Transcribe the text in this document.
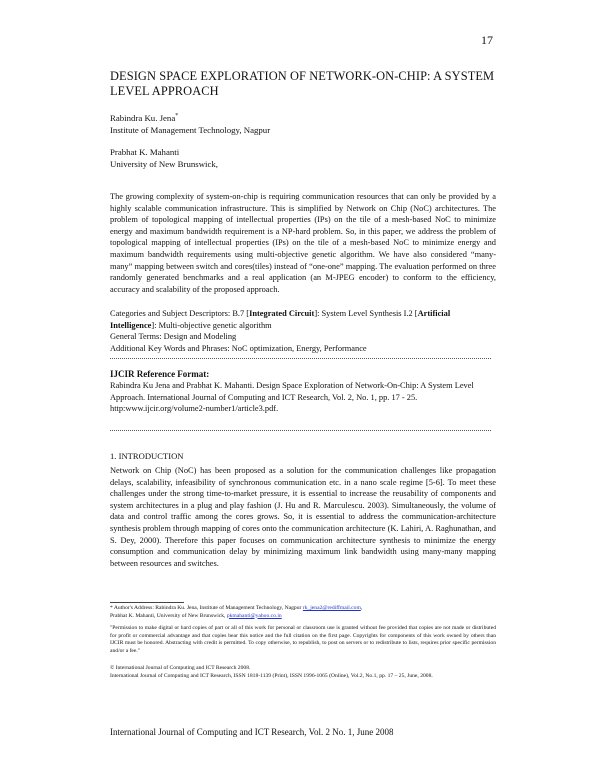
17
DESIGN SPACE EXPLORATION OF NETWORK-ON-CHIP: A SYSTEM LEVEL APPROACH
Rabindra Ku. Jena*
Institute of Management Technology, Nagpur
Prabhat K. Mahanti
University of New Brunswick,
The growing complexity of system-on-chip is requiring communication resources that can only be provided by a highly scalable communication infrastructure. This is simplified by Network on Chip (NoC) architectures. The problem of topological mapping of intellectual properties (IPs) on the tile of a mesh-based NoC to minimize energy and maximum bandwidth requirement is a NP-hard problem. So, in this paper, we address the problem of topological mapping of intellectual properties (IPs) on the tile of a mesh-based NoC to minimize energy and maximum bandwidth requirements using multi-objective genetic algorithm. We have also considered “many-many” mapping between switch and cores(tiles) instead of “one-one” mapping. The evaluation performed on three randomly generated benchmarks and a real application (an M-JPEG encoder) to conform to the efficiency, accuracy and scalability of the proposed approach.
Categories and Subject Descriptors: B.7 [Integrated Circuit]: System Level Synthesis I.2 [Artificial Intelligence]: Multi-objective genetic algorithm
General Terms: Design and Modeling
Additional Key Words and Phrases: NoC optimization, Energy, Performance
IJCIR Reference Format:
Rabindra Ku Jena and Prabhat K. Mahanti. Design Space Exploration of Network-On-Chip: A System Level Approach. International Journal of Computing and ICT Research, Vol. 2, No. 1, pp. 17 - 25. http:www.ijcir.org/volume2-number1/article3.pdf.
1. INTRODUCTION
Network on Chip (NoC) has been proposed as a solution for the communication challenges like propagation delays, scalability, infeasibility of synchronous communication etc. in a nano scale regime [5-6]. To meet these challenges under the strong time-to-market pressure, it is essential to increase the reusability of components and system architectures in a plug and play fashion (J. Hu and R. Marculescu. 2003). Simultaneously, the volume of data and control traffic among the cores grows. So, it is essential to address the communication-architecture synthesis problem through mapping of cores onto the communication architecture (K. Lahiri, A. Raghunathan, and S. Dey, 2000). Therefore this paper focuses on communication architecture synthesis to minimize the energy consumption and communication delay by minimizing maximum link bandwidth using many-many mapping between resources and switches.
* Author's Address: Rabindra Ku. Jena, Institute of Management Technology, Nagpur rk_jena2@rediffmail.com,
Prabhat K. Mahanti, University of New Brunswick, pkmahanti@yahoo.co.in
"Permission to make digital or hard copies of part or all of this work for personal or classroom use is granted without fee provided that copies are not made or distributed for profit or commercial advantage and that copies bear this notice and the full citation on the first page. Copyrights for components of this work owned by others than IJCIR must be honored. Abstracting with credit is permitted. To copy otherwise, to republish, to post on servers or to redistribute to lists, requires prior specific permission and/or a fee."
© International Journal of Computing and ICT Research 2008.
International Journal of Computing and ICT Research, ISSN 1818-1139 (Print), ISSN 1996-1065 (Online), Vol.2, No.1, pp. 17 – 25, June, 2008.
International Journal of Computing and ICT Research, Vol. 2 No. 1, June 2008
